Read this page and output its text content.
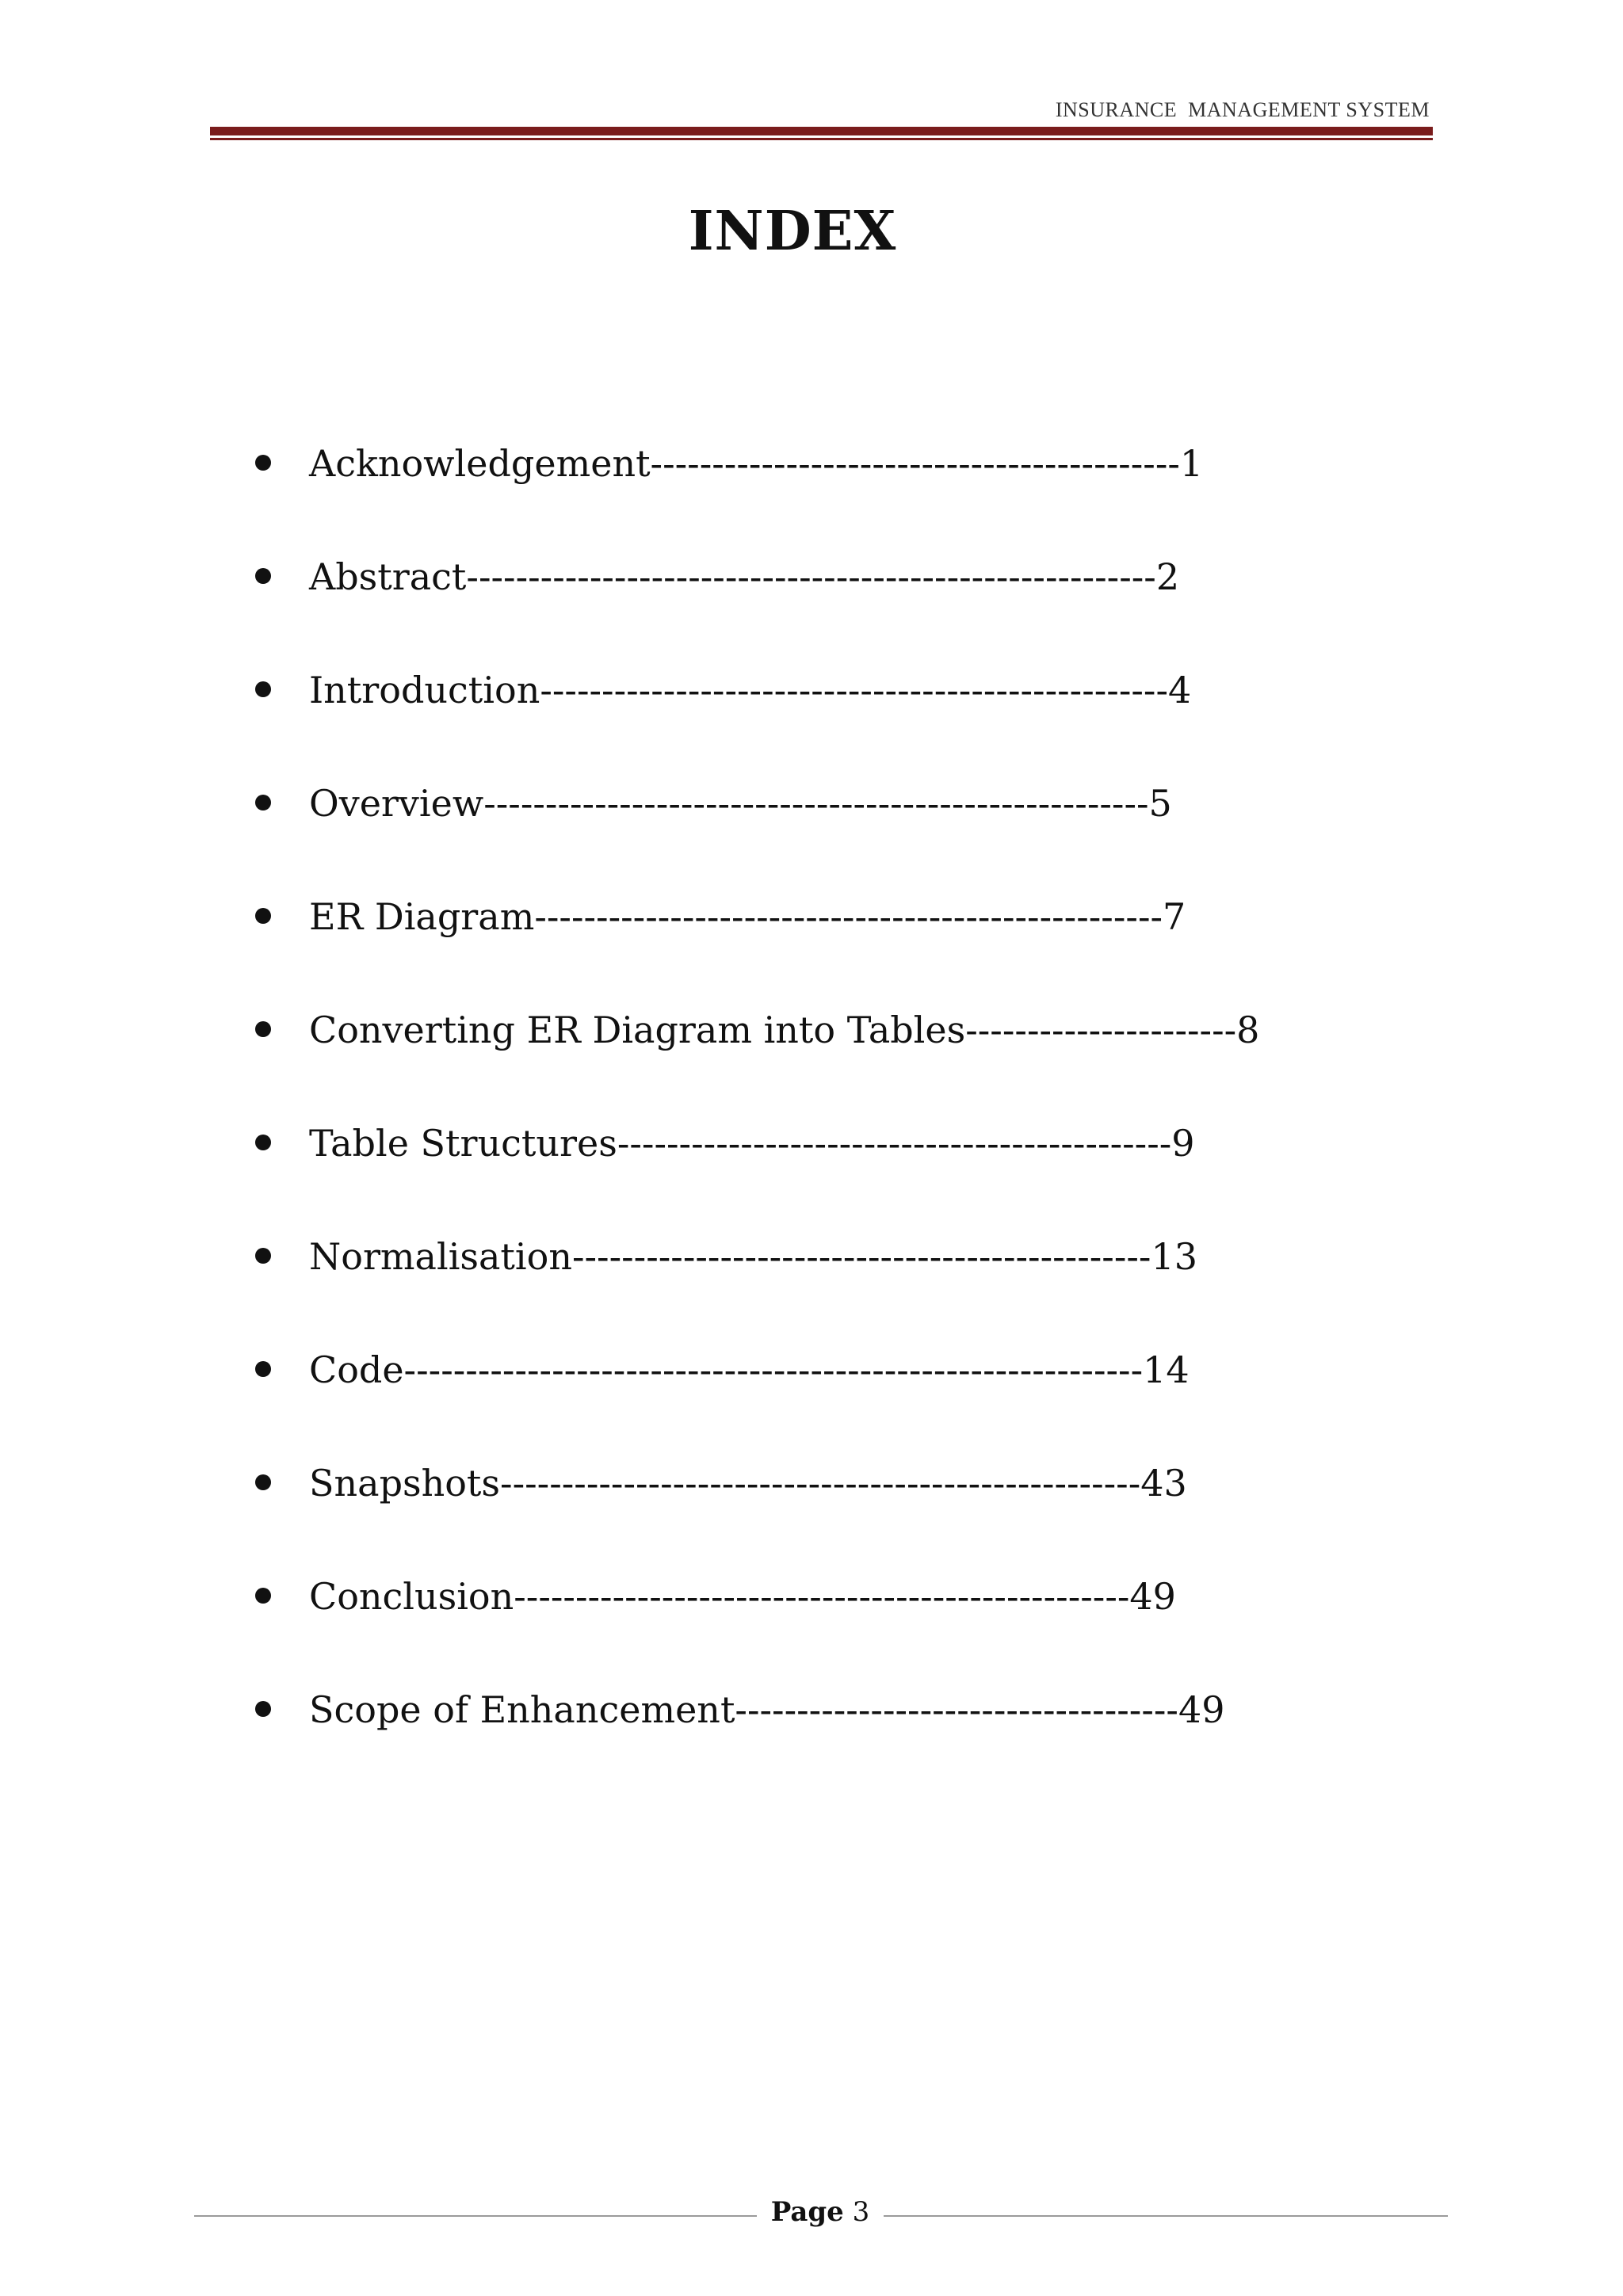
INSURANCE  MANAGEMENT SYSTEM
INDEX
Acknowledgement-------------------------------------------1
Abstract--------------------------------------------------------2
Introduction---------------------------------------------------4
Overview------------------------------------------------------5
ER Diagram---------------------------------------------------7
Converting ER Diagram into Tables----------------------8
Table Structures---------------------------------------------9
Normalisation-----------------------------------------------13
Code------------------------------------------------------------14
Snapshots----------------------------------------------------43
Conclusion--------------------------------------------------49
Scope of Enhancement------------------------------------49
Page 3
